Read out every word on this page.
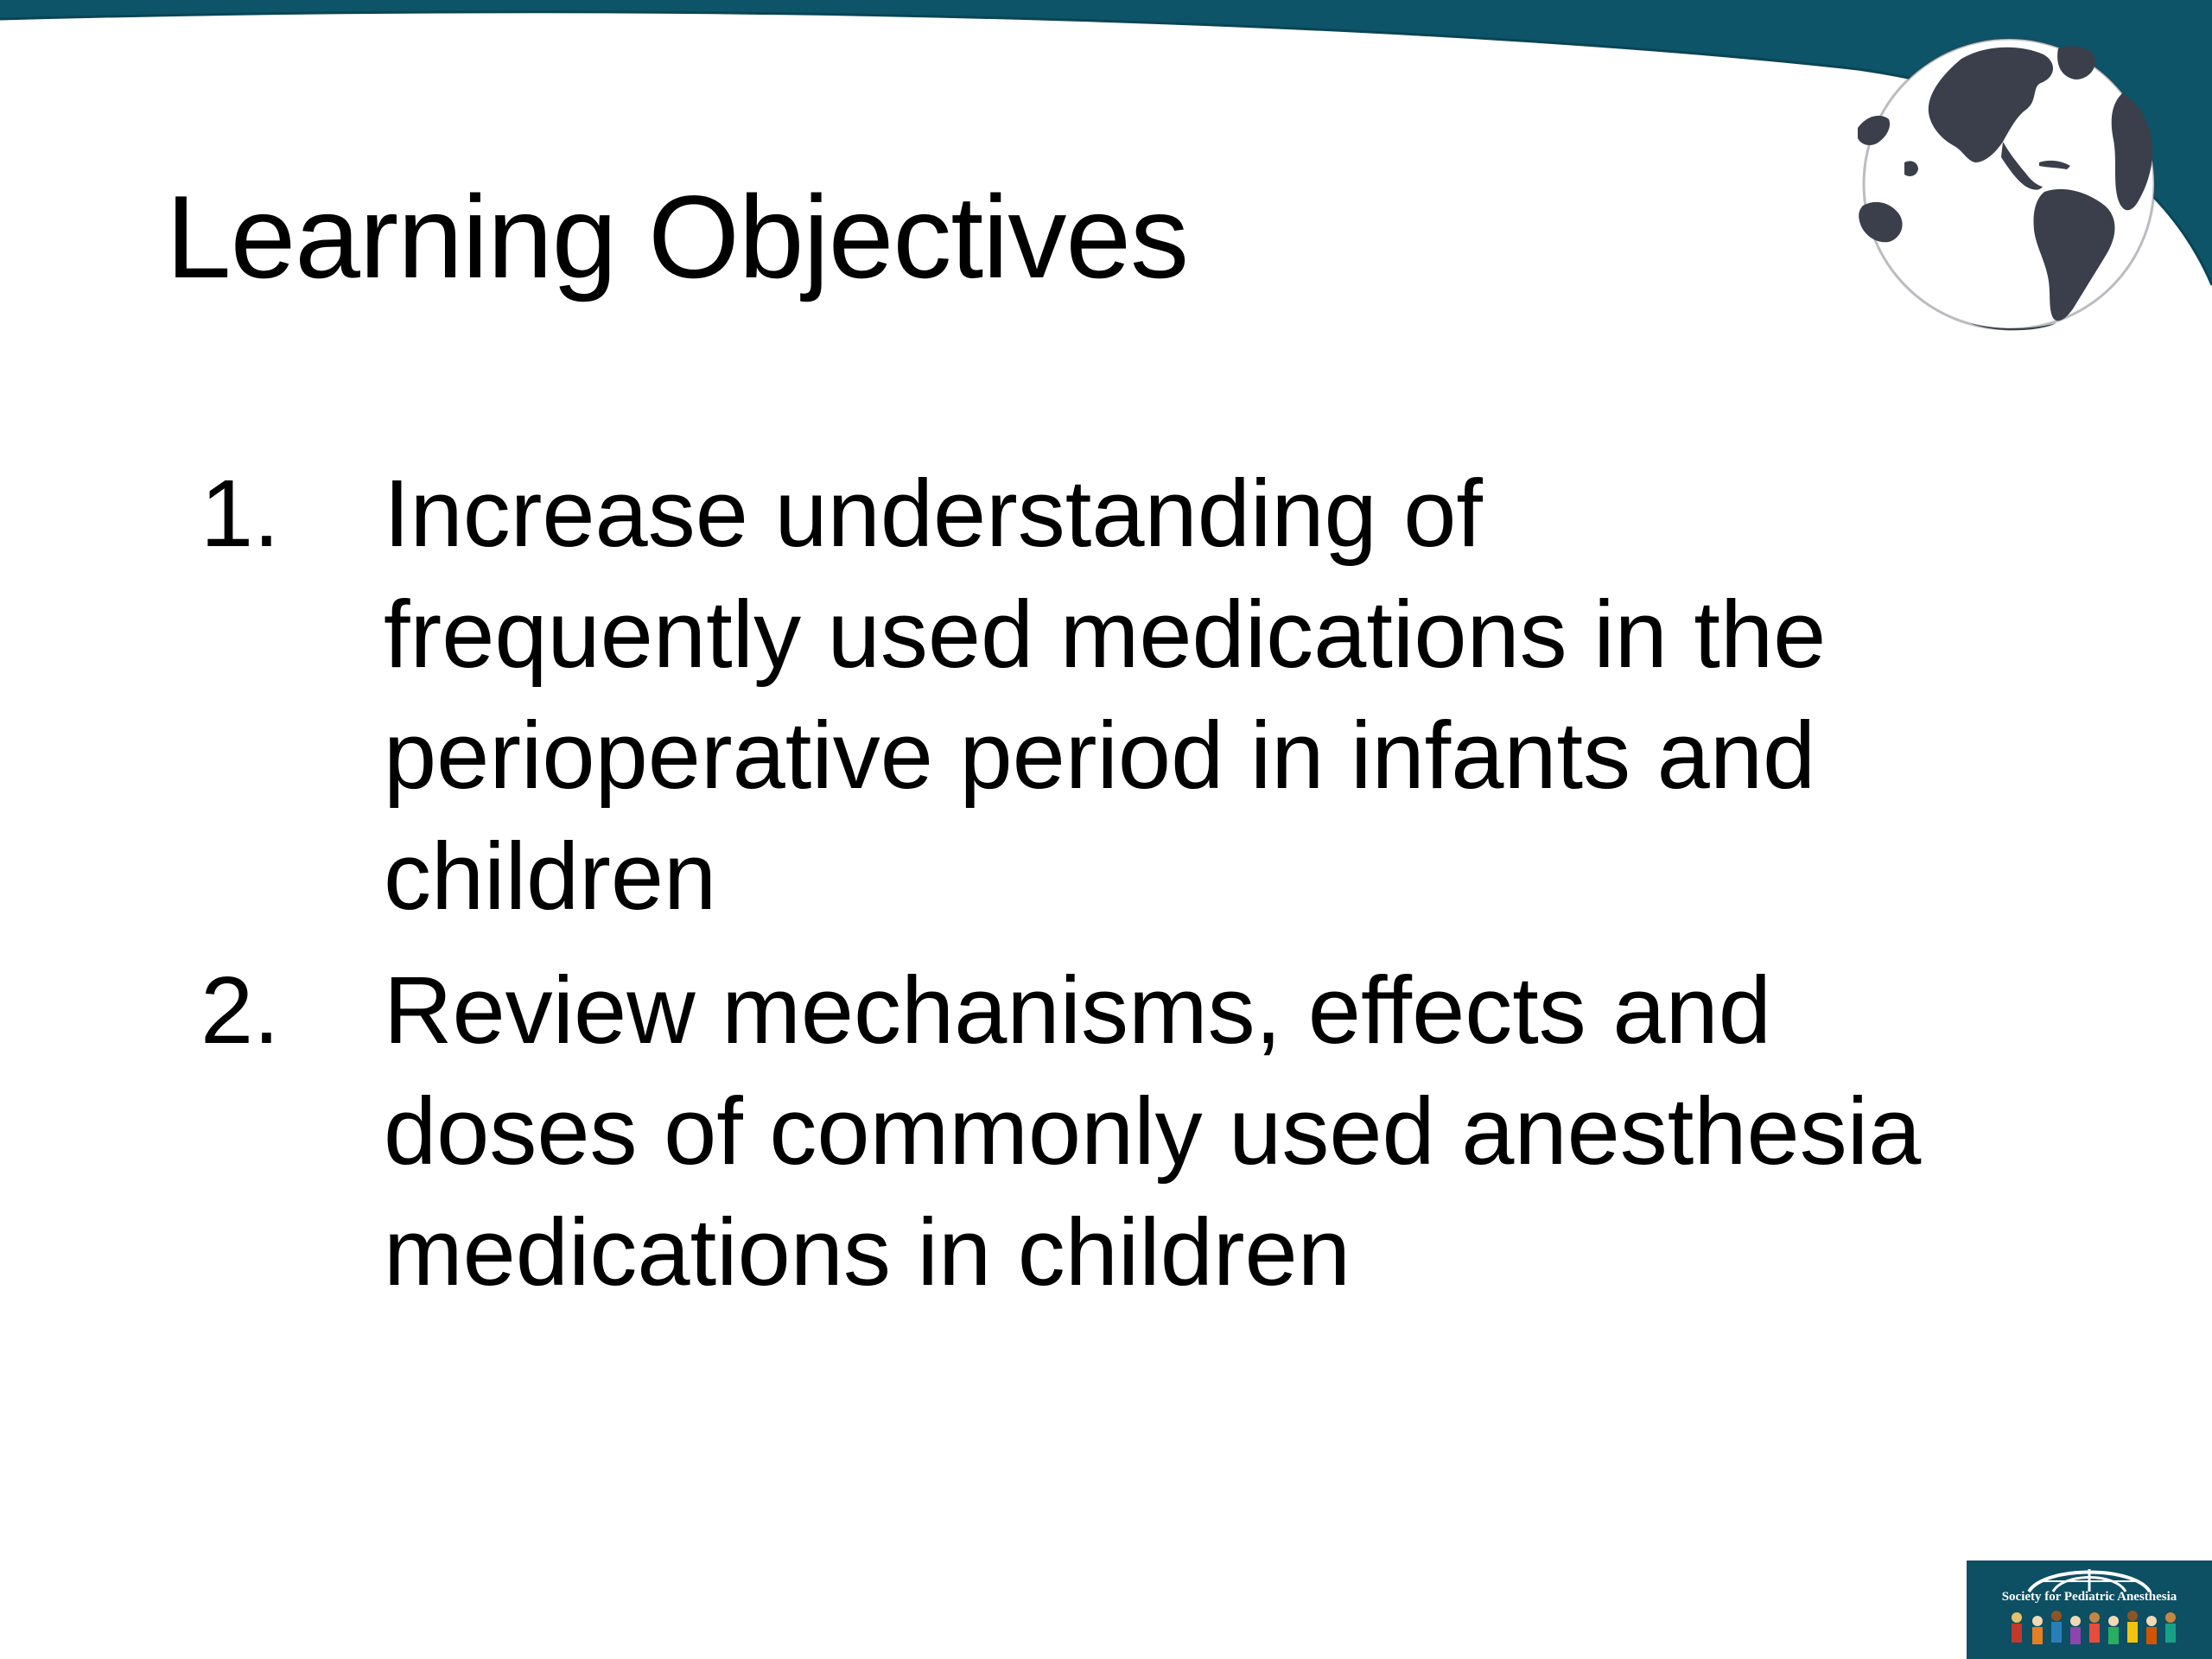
Learning Objectives
1. Increase understanding of
frequently used medications in the
perioperative period in infants and
children
2. Review mechanisms, effects and
doses of commonly used anesthesia
medications in children
Society for Pediatric Anesthesia
